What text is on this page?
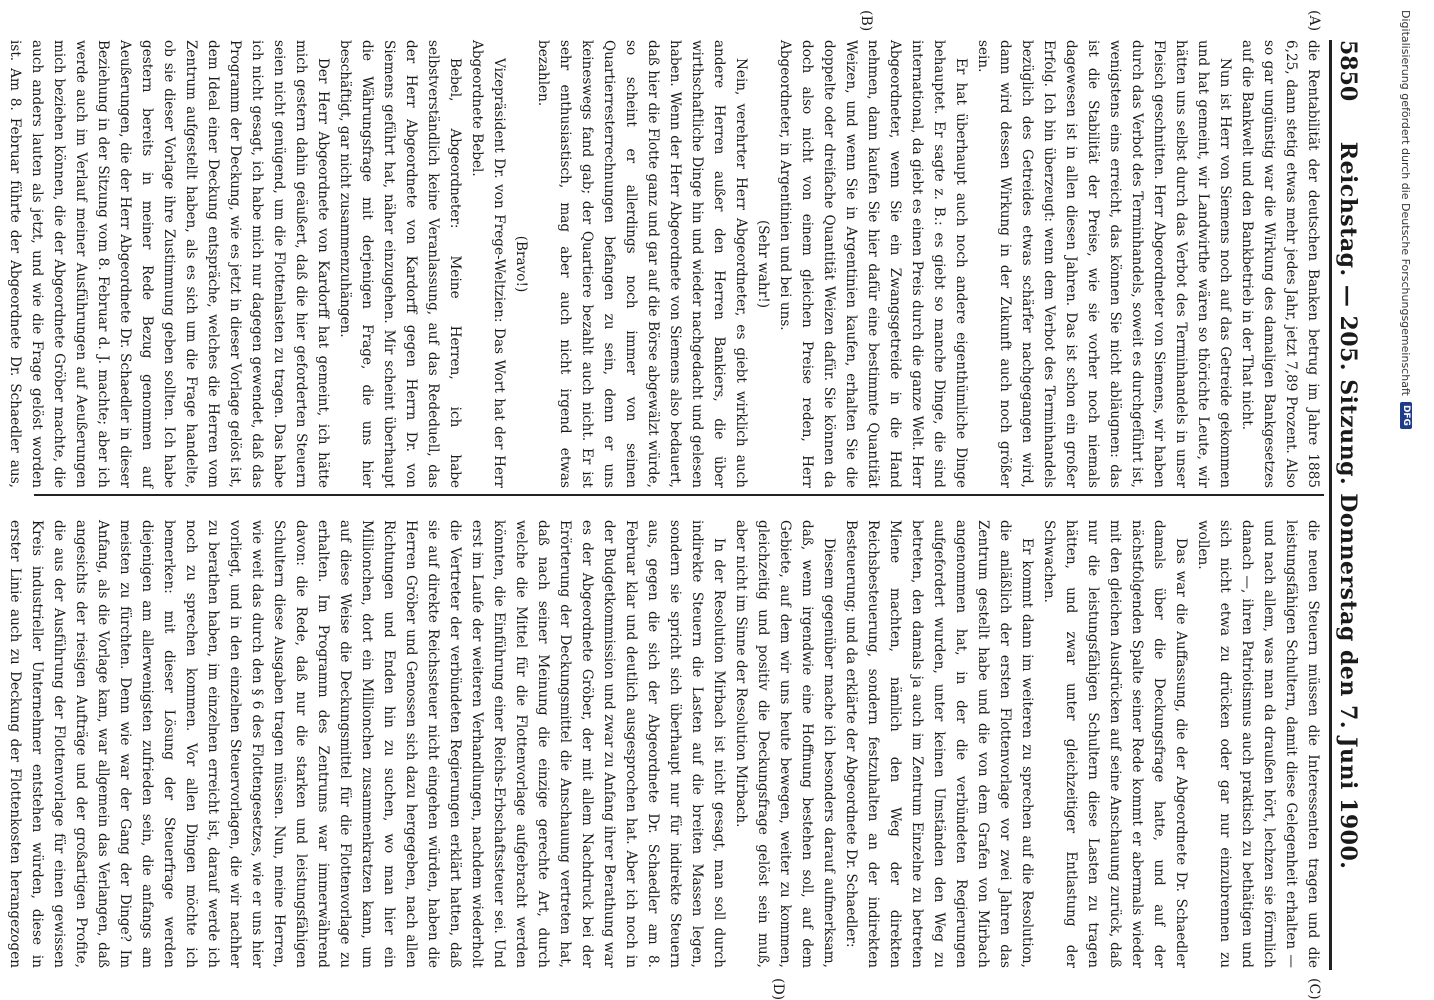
5850
Reichstag. — 205. Sitzung. Donnerstag den 7. Juni 1900.
(A)
(B)
(C)
(D)

die Rentabilität der deutschen Banken betrug im Jahre 1885 6,25, dann stetig etwas mehr jedes Jahr, jetzt 7,89 Prozent. Also so gar ungünstig war die Wirkung des damaligen Bankgesetzes auf die Bankwelt und den Bankbetrieb in der That nicht.

Nun ist Herr von Siemens noch auf das Getreide gekommen und hat gemeint, wir Landwirthe wären so thörichte Leute, wir hätten uns selbst durch das Verbot des Terminhandels in unser Fleisch geschnitten. Herr Abgeordneter von Siemens, wir haben durch das Verbot des Terminhandels, soweit es durchgeführt ist, wenigstens eins erreicht, das können Sie nicht abläugnen: das ist die Stabilität der Preise, wie sie vorher noch niemals dagewesen ist in allen diesen Jahren. Das ist schon ein großer Erfolg. Ich bin überzeugt: wenn dem Verbot des Terminhandels bezüglich des Getreides etwas schärfer nachgegangen wird, dann wird dessen Wirkung in der Zukunft auch noch größer sein.

Er hat überhaupt auch noch andere eigenthümliche Dinge behauptet. Er sagte z. B.: es giebt so manche Dinge, die sind international, da giebt es einen Preis durch die ganze Welt. Herr Abgeordneter, wenn Sie ein Zwangsgetreide in die Hand nehmen, dann kaufen Sie hier dafür eine bestimmte Quantität Weizen, und wenn Sie in Argentinien kaufen, erhalten Sie die doppelte oder dreifache Quantität Weizen dafür. Sie können da doch also nicht von einem gleichen Preise reden, Herr Abgeordneter, in Argentinien und bei uns.

(Sehr wahr!)

Nein, verehrter Herr Abgeordneter, es giebt wirklich auch andere Herren außer den Herren Bankiers, die über wirthschaftliche Dinge hin und wieder nachgedacht und gelesen haben. Wenn der Herr Abgeordnete von Siemens also bedauert, daß hier die Flotte ganz und gar auf die Börse abgewälzt würde, so scheint er allerdings noch immer von seinen Quartierresterrechnungen befangen zu sein, denn er uns keineswegs fand gab; der Quartiere bezahlt auch nicht. Er ist sehr enthusiastisch, mag aber auch nicht irgend etwas bezahlen.

(Bravo!)

Vizepräsident Dr. von Frege-Weltzien: Das Wort hat der Herr Abgeordnete Bebel.

Bebel, Abgeordneter: Meine Herren, ich habe selbstverständlich keine Veranlassung, auf das Rededuell, das der Herr Abgeordnete von Kardorff gegen Herrn Dr. von Siemens geführt hat, näher einzugehen. Mir scheint überhaupt die Währungsfrage mit derjenigen Frage, die uns hier beschäftigt, gar nicht zusammenzuhängen.

Der Herr Abgeordnete von Kardorff hat gemeint, ich hätte mich gestern dahin geäußert, daß die hier geforderten Steuern seien nicht genügend, um die Flottenlasten zu tragen. Das habe ich nicht gesagt, ich habe mich nur dagegen gewendet, daß das Programm der Deckung, wie es jetzt in dieser Vorlage gelöst ist, dem Ideal einer Deckung entspräche, welches die Herren vom Zentrum aufgestellt haben, als es sich um die Frage handelte, ob sie dieser Vorlage ihre Zustimmung geben sollten. Ich habe gestern bereits in meiner Rede Bezug genommen auf Aeußerungen, die der Herr Abgeordnete Dr. Schaedler in dieser Beziehung in der Sitzung vom 8. Februar d. J. machte; aber ich werde auch im Verlauf meiner Ausführungen auf Aeußerungen mich beziehen können, die der Abgeordnete Gröber machte, die auch anders lauten als jetzt, und wie die Frage gelöst worden ist. Am 8. Februar führte der Abgeordnete Dr. Schaedler aus,

die neuen Steuern müssen die Interessenten tragen und die leistungsfähigen Schultern, damit diese Gelegenheit erhalten — und nach allem, was man da draußen hört, lechzen sie förmlich danach —, ihren Patriotismus auch praktisch zu bethätigen und sich nicht etwa zu drücken oder gar nur einzubrennen zu wollen.

Das war die Auffassung, die der Abgeordnete Dr. Schaedler damals über die Deckungsfrage hatte, und auf der nächstfolgenden Spalte seiner Rede kommt er abermals wieder mit den gleichen Ausdrücken auf seine Anschauung zurück, daß nur die leistungsfähigen Schultern diese Lasten zu tragen hätten, und zwar unter gleichzeitiger Entlastung der Schwachen.

Er kommt dann im weiteren zu sprechen auf die Resolution, die anläßlich der ersten Flottenvorlage vor zwei Jahren das Zentrum gestellt habe und die von dem Grafen von Mirbach angenommen hat, in der die verbündeten Regierungen aufgefordert wurden, unter keinen Umständen den Weg zu betreten, den damals ja auch im Zentrum Einzelne zu betreten Miene machten, nämlich den Weg der direkten Reichsbesteuerung, sondern festzuhalten an der indirekten Besteuerung; und da erklärte der Abgeordnete Dr. Schaedler:

Diesem gegenüber mache ich besonders darauf aufmerksam, daß, wenn irgendwie eine Hoffnung bestehen soll, auf dem Gebiete, auf dem wir uns heute bewegen, weiter zu kommen, gleichzeitig und positiv die Deckungsfrage gelöst sein muß, aber nicht im Sinne der Resolution Mirbach.

In der Resolution Mirbach ist nicht gesagt, man soll durch indirekte Steuern die Lasten auf die breiten Massen legen, sondern sie spricht sich überhaupt nur für indirekte Steuern aus, gegen die sich der Abgeordnete Dr. Schaedler am 8. Februar klar und deutlich ausgesprochen hat. Aber ich noch in der Budgetkommission und zwar zu Anfang ihrer Berathung war es der Abgeordnete Gröber, der mit allem Nachdruck bei der Erörterung der Deckungsmittel die Anschauung vertreten hat, daß nach seiner Meinung die einzige gerechte Art, durch welche die Mittel für die Flottenvorlage aufgebracht werden könnten, die Einführung einer Reichs-Erbschaftssteuer sei. Und erst im Laufe der weiteren Verhandlungen, nachdem wiederholt die Vertreter der verbündeten Regierungen erklärt hatten, daß sie auf direkte Reichssteuer nicht eingehen würden, haben die Herren Gröber und Genossen sich dazu hergegeben, nach allen Richtungen und Enden hin zu suchen, wo man hier ein Millionchen, dort ein Millionchen zusammenkratzen kann, um auf diese Weise die Deckungsmittel für die Flottenvorlage zu erhalten. Im Programm des Zentrums war immerwährend davon: die Rede, daß nur die starken und leistungsfähigen Schultern diese Ausgaben tragen müssen. Nun, meine Herren, wie weit das durch den § 6 des Flottengesetzes, wie er uns hier vorliegt, und in den einzelnen Steuervorlagen, die wir nachher zu berathen haben, im einzelnen erreicht ist, darauf werde ich noch zu sprechen kommen. Vor allen Dingen möchte ich bemerken: mit dieser Lösung der Steuerfrage werden diejenigen am allerwenigsten zufrieden sein, die anfangs am meisten zu fürchten. Denn wie war der Gang der Dinge? Im Anfang, als die Vorlage kam, war allgemein das Verlangen, daß angesichts der riesigen Aufträge und der großartigen Profite, die aus der Ausführung der Flottenvorlage für einen gewissen Kreis industrieller Unternehmer entstehen würden, diese in erster Linie auch zu Deckung der Flottenkosten herangezogen

Digitalisierung gefördert durch die Deutsche Forschungsgemeinschaft
DFG
